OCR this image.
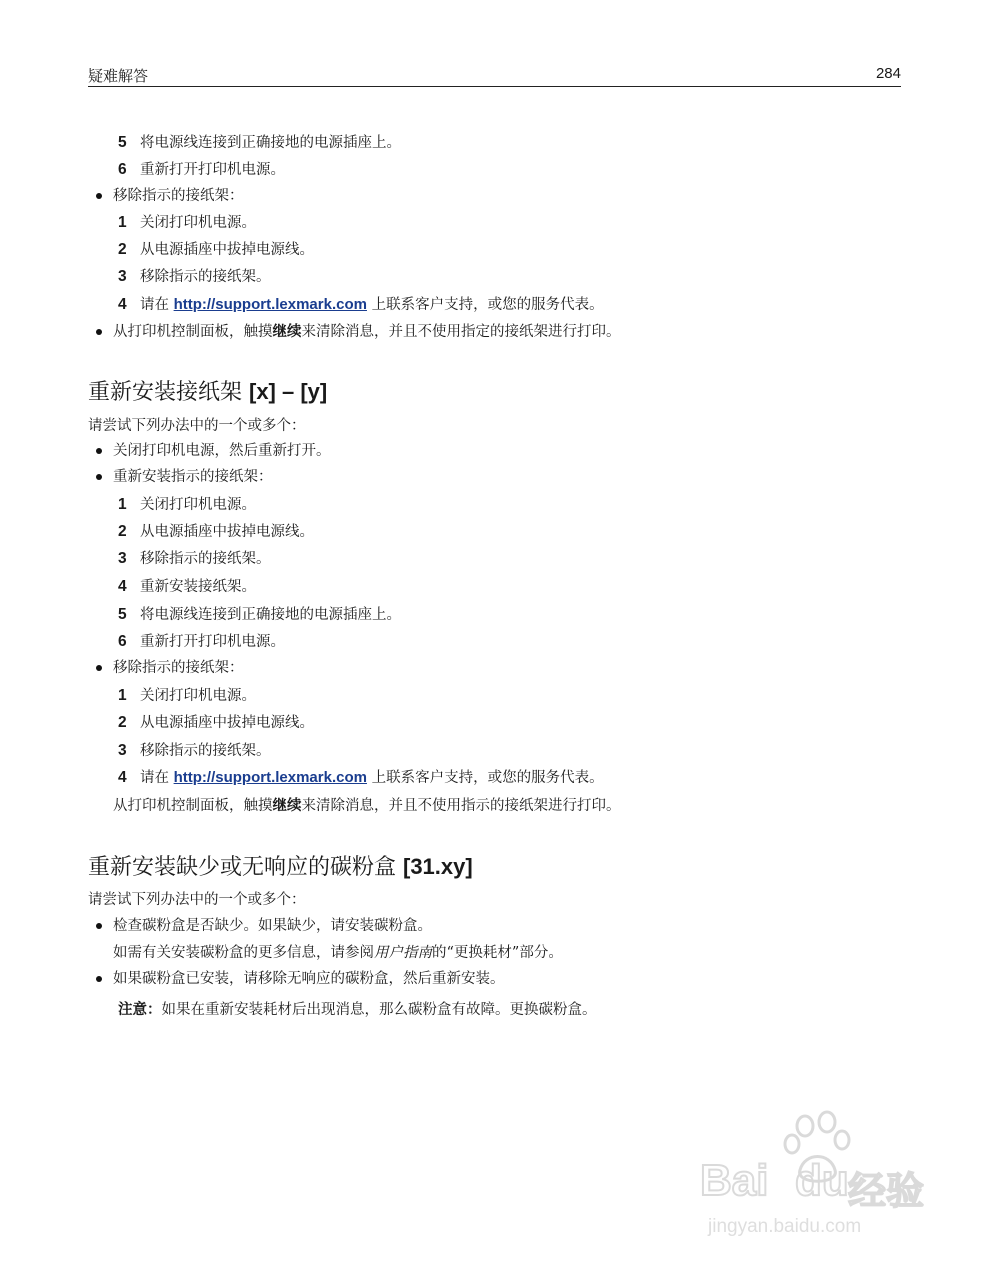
疑难解答	284
5 将电源线连接到正确接地的电源插座上。
6 重新打开打印机电源。
移除指示的接纸架：
1 关闭打印机电源。
2 从电源插座中拔掉电源线。
3 移除指示的接纸架。
4 请在 http://support.lexmark.com 上联系客户支持，或您的服务代表。
从打印机控制面板，触摸继续来清除消息，并且不使用指定的接纸架进行打印。
重新安装接纸架 [x] – [y]
请尝试下列办法中的一个或多个：
关闭打印机电源，然后重新打开。
重新安装指示的接纸架：
1 关闭打印机电源。
2 从电源插座中拔掉电源线。
3 移除指示的接纸架。
4 重新安装接纸架。
5 将电源线连接到正确接地的电源插座上。
6 重新打开打印机电源。
移除指示的接纸架：
1 关闭打印机电源。
2 从电源插座中拔掉电源线。
3 移除指示的接纸架。
4 请在 http://support.lexmark.com 上联系客户支持，或您的服务代表。
从打印机控制面板，触摸继续来清除消息，并且不使用指示的接纸架进行打印。
重新安装缺少或无响应的碳粉盒 [31.xy]
请尝试下列办法中的一个或多个：
检查碳粉盒是否缺少。如果缺少，请安装碳粉盒。
如需有关安装碳粉盒的更多信息，请参阅用户指南的“更换耗材”部分。
如果碳粉盒已安装，请移除无响应的碳粉盒，然后重新安装。
注意：如果在重新安装耗材后出现消息，那么碳粉盒有故障。更换碳粉盒。
Bai du 经验
jingyan.baidu.com
